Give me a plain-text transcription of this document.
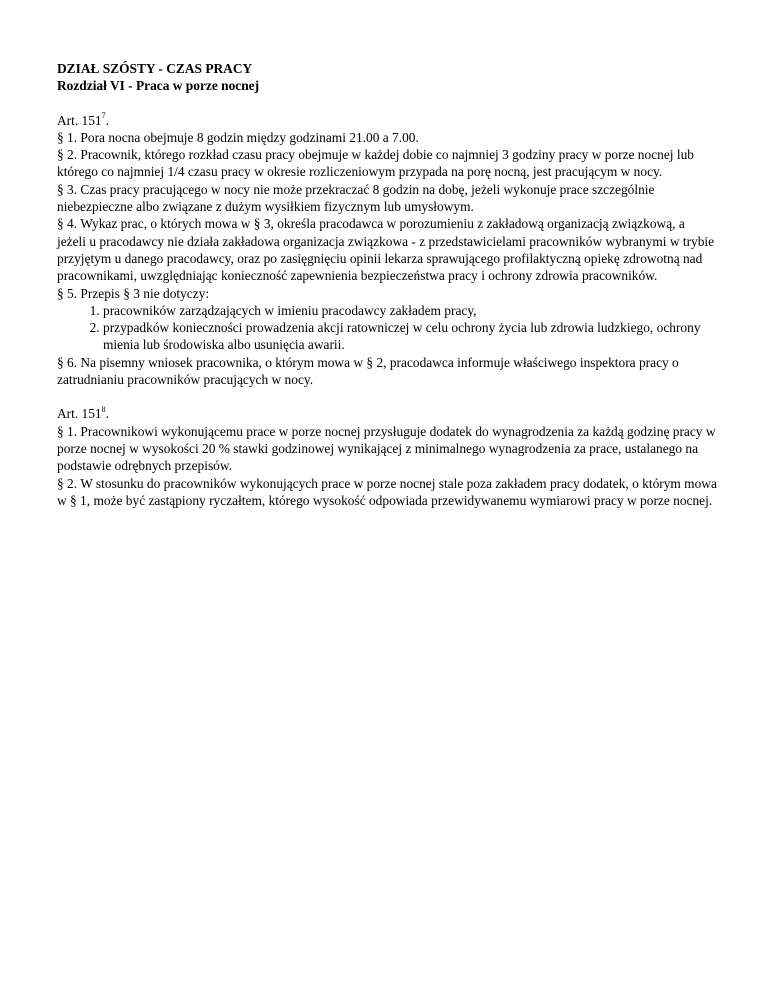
DZIAŁ SZÓSTY - CZAS PRACY

Rozdział VI - Praca w porze nocnej

Art. $151^7$.

§ 1. Pora nocna obejmuje 8 godzin między godzinami 21.00 a 7.00.

§ 2. Pracownik, którego rozkład czasu pracy obejmuje w każdej dobie co najmniej 3 godziny pracy w porze nocnej lub którego co najmniej 1/4 czasu pracy w okresie rozliczeniowym przypada na porę nocną, jest pracującym w nocy.

§ 3. Czas pracy pracującego w nocy nie może przekraczać 8 godzin na dobę, jeżeli wykonuje prace szczególnie niebezpieczne albo związane z dużym wysiłkiem fizycznym lub umysłowym.

§ 4. Wykaz prac, o których mowa w § 3, określa pracodawca w porozumieniu z zakładową organizacją związkową, a jeżeli u pracodawcy nie działa zakładowa organizacja związkowa - z przedstawicielami pracowników wybranymi w trybie przyjętym u danego pracodawcy, oraz po zasięgnięciu opinii lekarza sprawującego profilaktyczną opiekę zdrowotną nad pracownikami, uwzględniając konieczność zapewnienia bezpieczeństwa pracy i ochrony zdrowia pracowników.

§ 5. Przepis § 3 nie dotyczy:

1. pracowników zarządzających w imieniu pracodawcy zakładem pracy,
2. przypadków konieczności prowadzenia akcji ratowniczej w celu ochrony życia lub zdrowia ludzkiego, ochrony mienia lub środowiska albo usunięcia awarii.

§ 6. Na pisemny wniosek pracownika, o którym mowa w § 2, pracodawca informuje właściwego inspektora pracy o zatrudnianiu pracowników pracujących w nocy.

Art. $151^8$.

§ 1. Pracownikowi wykonującemu prace w porze nocnej przysługuje dodatek do wynagrodzenia za każdą godzinę pracy w porze nocnej w wysokości 20 % stawki godzinowej wynikającej z minimalnego wynagrodzenia za prace, ustalanego na podstawie odrębnych przepisów.

§ 2. W stosunku do pracowników wykonujących prace w porze nocnej stale poza zakładem pracy dodatek, o którym mowa w § 1, może być zastąpiony ryczałtem, którego wysokość odpowiada przewidywanemu wymiarowi pracy w porze nocnej.
